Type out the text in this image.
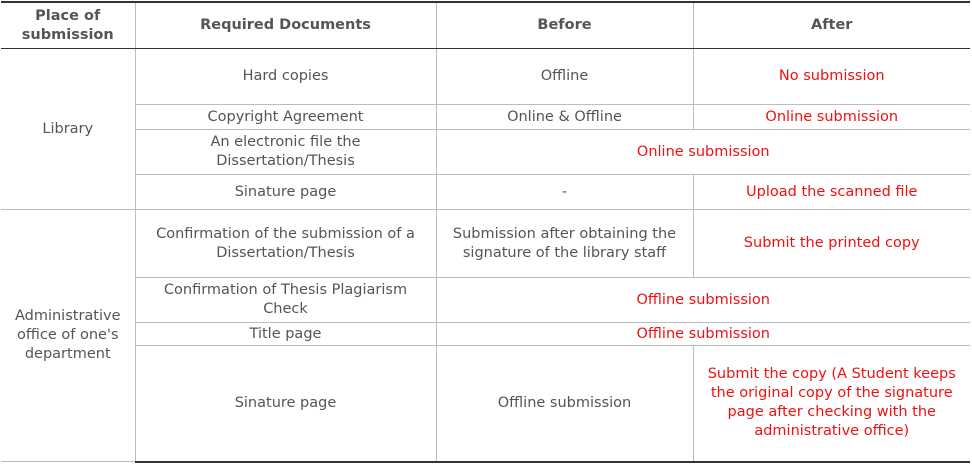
Place of submission	Required Documents	Before	After
Library	Hard copies	Offline	No submission
	Copyright Agreement	Online & Offline	Online submission
	An electronic file the Dissertation/Thesis	Online submission	
	Sinature page	-	Upload the scanned file
Administrative office of one's department	Confirmation of the submission of a Dissertation/Thesis	Submission after obtaining the signature of the library staff	Submit the printed copy
	Confirmation of Thesis Plagiarism Check	Offline submission	
	Title page	Offline submission	
	Sinature page	Offline submission	Submit the copy (A Student keeps the original copy of the signature page after checking with the administrative office)
